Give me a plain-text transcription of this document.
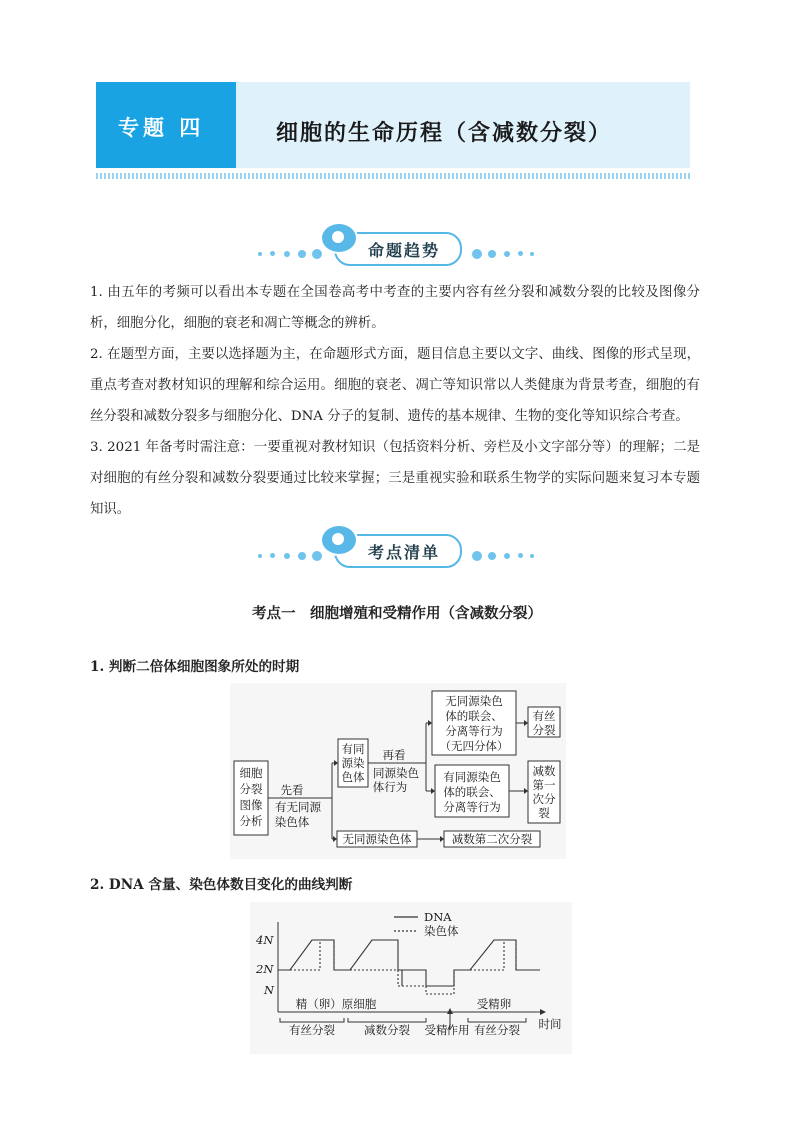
专题 四	细胞的生命历程（含减数分裂）
命题趋势

1. 由五年的考频可以看出本专题在全国卷高考中考查的主要内容有丝分裂和减数分裂的比较及图像分析，细胞分化，细胞的衰老和凋亡等概念的辨析。

2. 在题型方面，主要以选择题为主，在命题形式方面，题目信息主要以文字、曲线、图像的形式呈现，重点考查对教材知识的理解和综合运用。细胞的衰老、凋亡等知识常以人类健康为背景考查，细胞的有丝分裂和减数分裂多与细胞分化、DNA 分子的复制、遗传的基本规律、生物的变化等知识综合考查。

3. 2021 年备考时需注意：一要重视对教材知识（包括资料分析、旁栏及小文字部分等）的理解；二是对细胞的有丝分裂和减数分裂要通过比较来掌握；三是重视实验和联系生物学的实际问题来复习本专题知识。

考点清单
考点一　细胞增殖和受精作用（含减数分裂）
1. 判断二倍体细胞图象所处的时期
细胞
分裂
图像
分析
先看
有无同源
染色体
有同
源染
色体
再看
同源染色
体行为
无同源染色
体的联会、
分离等行为
（无四分体）
有丝
分裂
有同源染色
体的联会、
分离等行为
减数
第一
次分
裂
无同源染色体	减数第二次分裂
2. DNA 含量、染色体数目变化的曲线判断
DNA
染色体
4N
2N
N
精（卵）原细胞	受精卵
有丝分裂	减数分裂 受精 作用 有丝分裂 时间
